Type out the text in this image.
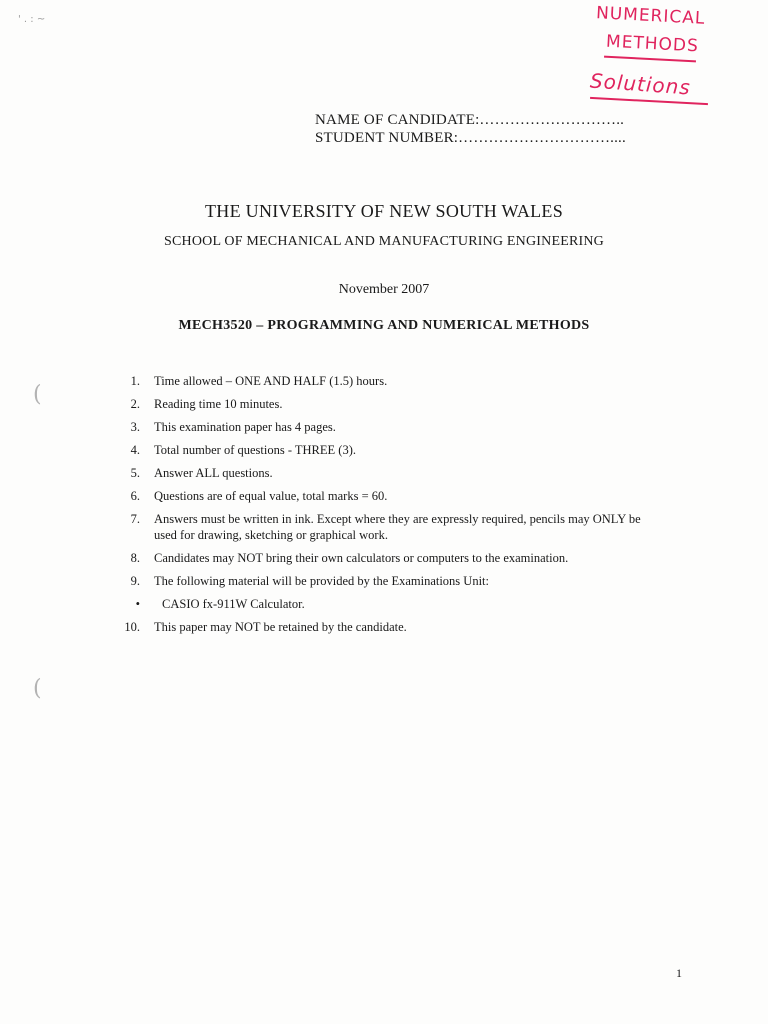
' . : ~	NUMERICAL
METHODS
Solutions
NAME OF CANDIDATE:………………………..
STUDENT NUMBER:…………………………....
THE UNIVERSITY OF NEW SOUTH WALES
SCHOOL OF MECHANICAL AND MANUFACTURING ENGINEERING
November 2007
MECH3520 – PROGRAMMING AND NUMERICAL METHODS
(
(
1.	Time allowed – ONE AND HALF (1.5) hours.
2.	Reading time 10 minutes.
3.	This examination paper has 4 pages.
4.	Total number of questions - THREE (3).
5.	Answer ALL questions.
6.	Questions are of equal value, total marks = 60.
7.	Answers must be written in ink. Except where they are expressly required, pencils may ONLY be used for drawing, sketching or graphical work.
8.	Candidates may NOT bring their own calculators or computers to the examination.
9.	The following material will be provided by the Examinations Unit:
•	CASIO fx-911W Calculator.
10.	This paper may NOT be retained by the candidate.
1
